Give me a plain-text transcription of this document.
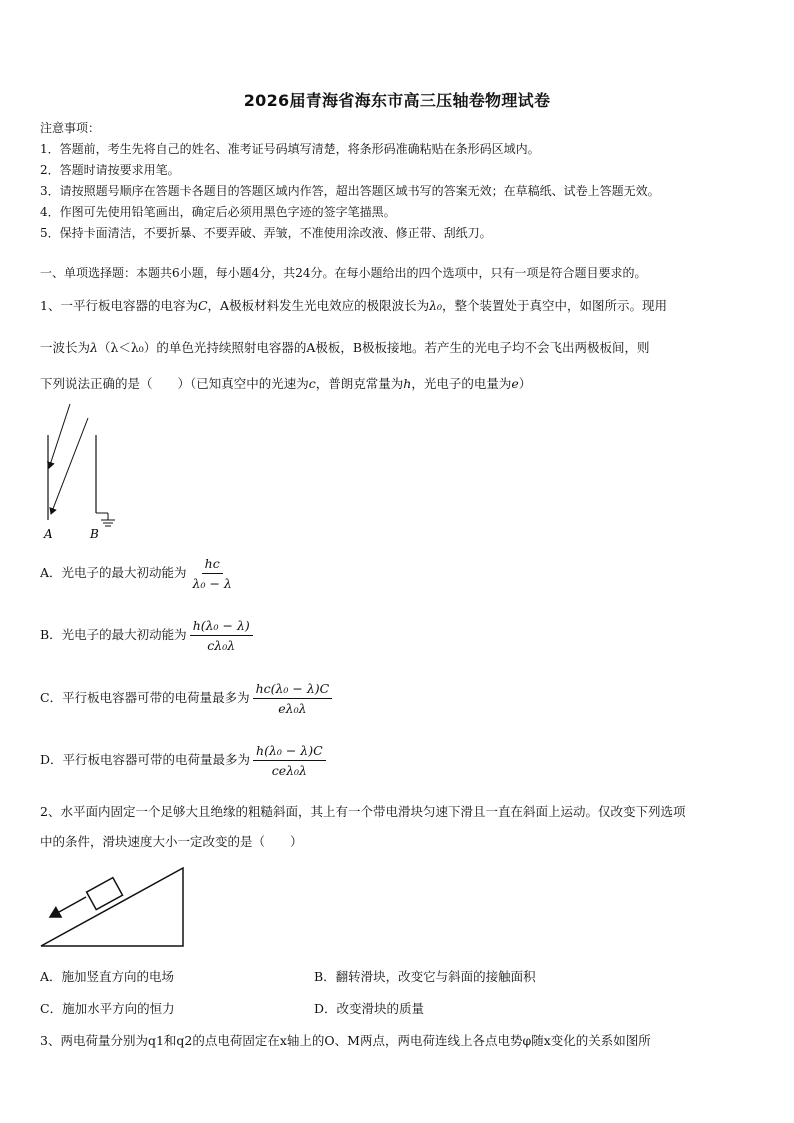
2026届青海省海东市高三压轴卷物理试卷
注意事项：
1．答题前，考生先将自己的姓名、准考证号码填写清楚，将条形码准确粘贴在条形码区域内。
2．答题时请按要求用笔。
3．请按照题号顺序在答题卡各题目的答题区域内作答，超出答题区域书写的答案无效；在草稿纸、试卷上答题无效。
4．作图可先使用铅笔画出，确定后必须用黑色字迹的签字笔描黑。
5．保持卡面清洁，不要折暴、不要弄破、弄皱，不准使用涂改液、修正带、刮纸刀。
一、单项选择题：本题共6小题，每小题4分，共24分。在每小题给出的四个选项中，只有一项是符合题目要求的。
1、一平行板电容器的电容为C，A极板材料发生光电效应的极限波长为λ₀，整个装置处于真空中，如图所示。现用
一波长为λ（λ＜λ₀）的单色光持续照射电容器的A极板，B极板接地。若产生的光电子均不会飞出两极板间，则
下列说法正确的是（　　）（已知真空中的光速为c，普朗克常量为h，光电子的电量为e）
A	B
A．光电子的最大初动能为 $\frac{hc}{\text{λ₀ − λ}}$
B．光电子的最大初动能为 $\frac{\text{h(λ₀ − λ)}}{\text{cλ₀λ}}$
C．平行板电容器可带的电荷量最多为 $\frac{\text{hc(λ₀ − λ)C}}{\text{eλ₀λ}}$
D．平行板电容器可带的电荷量最多为 $\frac{\text{h(λ₀ − λ)C}}{\text{ceλ₀λ}}$
2、水平面内固定一个足够大且绝缘的粗糙斜面，其上有一个带电滑块匀速下滑且一直在斜面上运动。仅改变下列选项
中的条件，滑块速度大小一定改变的是（　　）
A．施加竖直方向的电场	B．翻转滑块，改变它与斜面的接触面积
C．施加水平方向的恒力	D．改变滑块的质量
3、两电荷量分别为q1和q2的点电荷固定在x轴上的O、M两点，两电荷连线上各点电势φ随x变化的关系如图所
